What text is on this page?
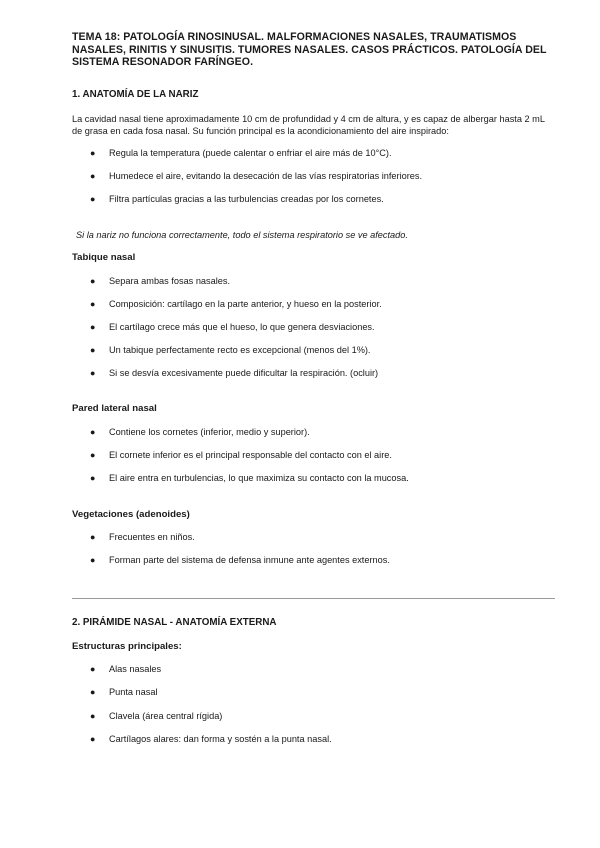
TEMA 18: PATOLOGÍA RINOSINUSAL. MALFORMACIONES NASALES, TRAUMATISMOS NASALES, RINITIS Y SINUSITIS. TUMORES NASALES. CASOS PRÁCTICOS. PATOLOGÍA DEL SISTEMA RESONADOR FARÍNGEO.
1. ANATOMÍA DE LA NARIZ

La cavidad nasal tiene aproximadamente 10 cm de profundidad y 4 cm de altura, y es capaz de albergar hasta 2 mL de grasa en cada fosa nasal. Su función principal es la acondicionamiento del aire inspirado:

● Regula la temperatura (puede calentar o enfriar el aire más de 10°C).
● Humedece el aire, evitando la desecación de las vías respiratorias inferiores.
● Filtra partículas gracias a las turbulencias creadas por los cornetes.

Si la nariz no funciona correctamente, todo el sistema respiratorio se ve afectado.

Tabique nasal
● Separa ambas fosas nasales.
● Composición: cartílago en la parte anterior, y hueso en la posterior.
● El cartílago crece más que el hueso, lo que genera desviaciones.
● Un tabique perfectamente recto es excepcional (menos del 1%).
● Si se desvía excesivamente puede dificultar la respiración. (ocluir)
Pared lateral nasal
● Contiene los cornetes (inferior, medio y superior).
● El cornete inferior es el principal responsable del contacto con el aire.
● El aire entra en turbulencias, lo que maximiza su contacto con la mucosa.
Vegetaciones (adenoides)
● Frecuentes en niños.
● Forman parte del sistema de defensa inmune ante agentes externos.
2. PIRÁMIDE NASAL - ANATOMÍA EXTERNA
Estructuras principales:
● Alas nasales
● Punta nasal
● Clavela (área central rígida)
● Cartílagos alares: dan forma y sostén a la punta nasal.
